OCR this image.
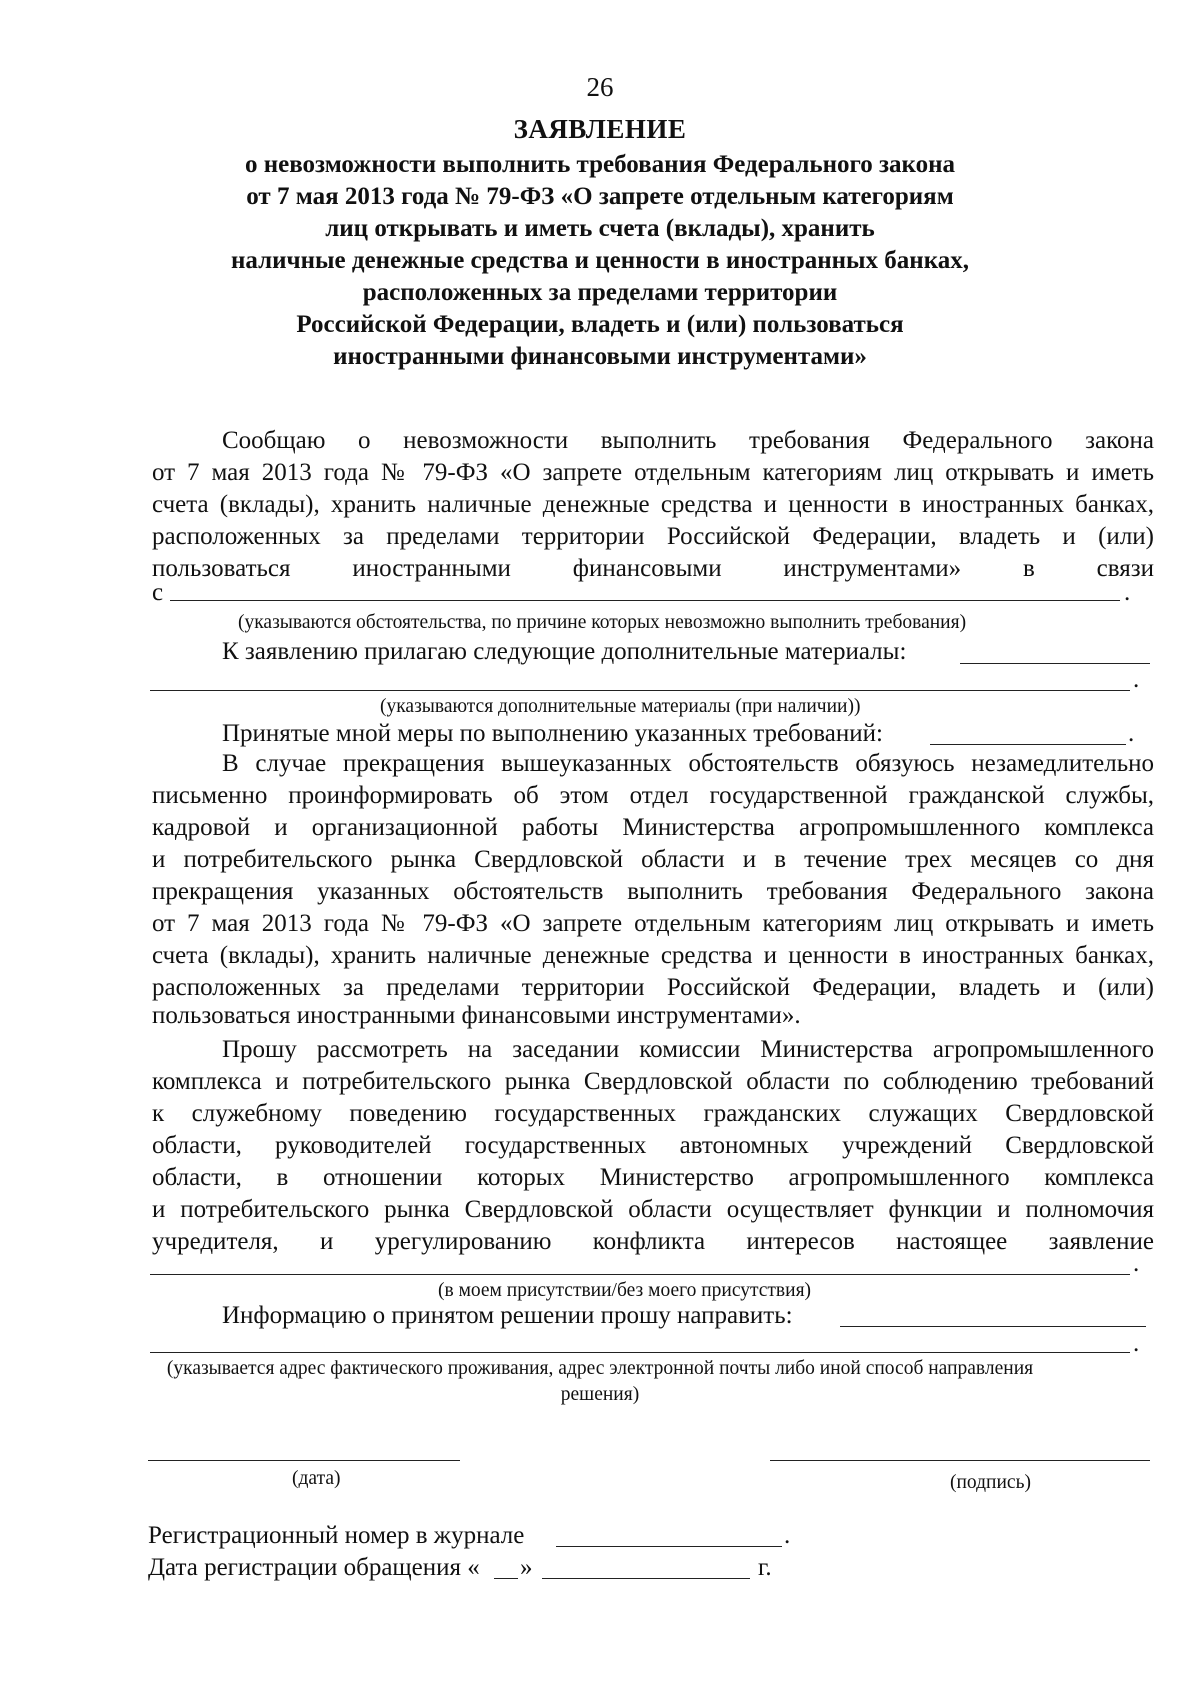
26
ЗАЯВЛЕНИЕ
о невозможности выполнить требования Федерального закона
от 7 мая 2013 года № 79-ФЗ «О запрете отдельным категориям
лиц открывать и иметь счета (вклады), хранить
наличные денежные средства и ценности в иностранных банках,
расположенных за пределами территории
Российской Федерации, владеть и (или) пользоваться
иностранными финансовыми инструментами»
Сообщаю о невозможности выполнить требования Федерального закона
от 7 мая 2013 года № 79-ФЗ «О запрете отдельным категориям лиц открывать и иметь
счета (вклады), хранить наличные денежные средства и ценности в иностранных банках,
расположенных за пределами территории Российской Федерации, владеть и (или)
пользоваться иностранными финансовыми инструментами» в связи
с	.
(указываются обстоятельства, по причине которых невозможно выполнить требования)
К заявлению прилагаю следующие дополнительные материалы:
.
(указываются дополнительные материалы (при наличии))
Принятые мной меры по выполнению указанных требований:	.
В случае прекращения вышеуказанных обстоятельств обязуюсь незамедлительно
письменно проинформировать об этом отдел государственной гражданской службы,
кадровой и организационной работы Министерства агропромышленного комплекса
и потребительского рынка Свердловской области и в течение трех месяцев со дня
прекращения указанных обстоятельств выполнить требования Федерального закона
от 7 мая 2013 года № 79-ФЗ «О запрете отдельным категориям лиц открывать и иметь
счета (вклады), хранить наличные денежные средства и ценности в иностранных банках,
расположенных за пределами территории Российской Федерации, владеть и (или)
пользоваться иностранными финансовыми инструментами».
Прошу рассмотреть на заседании комиссии Министерства агропромышленного
комплекса и потребительского рынка Свердловской области по соблюдению требований
к служебному поведению государственных гражданских служащих Свердловской
области, руководителей государственных автономных учреждений Свердловской
области, в отношении которых Министерство агропромышленного комплекса
и потребительского рынка Свердловской области осуществляет функции и полномочия
учредителя, и урегулированию конфликта интересов настоящее заявление
.
(в моем присутствии/без моего присутствия)
Информацию о принятом решении прошу направить:
.
(указывается адрес фактического проживания, адрес электронной почты либо иной способ направления
решения)
(дата)	(подпись)
Регистрационный номер в журнале	.
Дата регистрации обращения « »	г.
